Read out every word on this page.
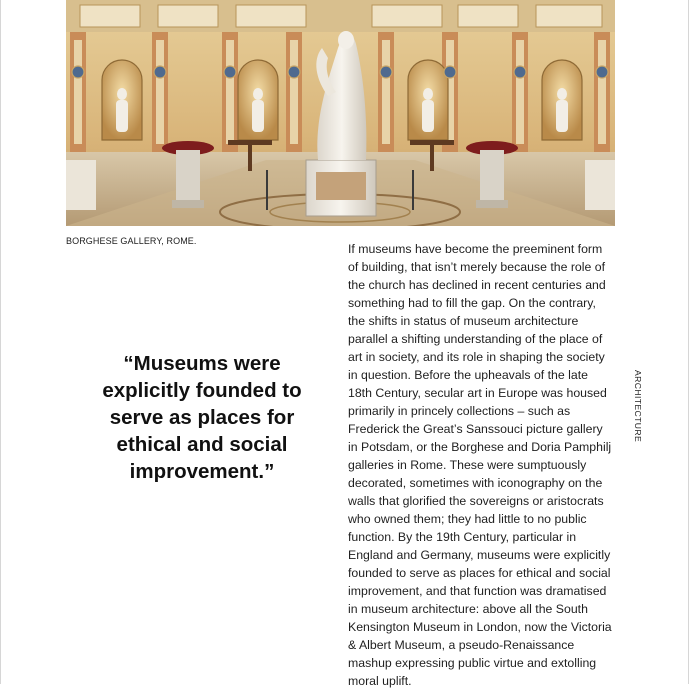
BORGHESE GALLERY, ROME.
“Museums were
explicitly founded to
serve as places for
ethical and social
improvement.”
If museums have become the preeminent form
of building, that isn’t merely because the role of
the church has declined in recent centuries and
something had to fill the gap. On the contrary,
the shifts in status of museum architecture
parallel a shifting understanding of the place of
art in society, and its role in shaping the society
in question. Before the upheavals of the late
18th Century, secular art in Europe was housed
primarily in princely collections – such as
Frederick the Great’s Sanssouci picture gallery
in Potsdam, or the Borghese and Doria Pamphilj
galleries in Rome. These were sumptuously
decorated, sometimes with iconography on the
walls that glorified the sovereigns or aristocrats
who owned them; they had little to no public
function. By the 19th Century, particular in
England and Germany, museums were explicitly
founded to serve as places for ethical and social
improvement, and that function was dramatised
in museum architecture: above all the South
Kensington Museum in London, now the Victoria
& Albert Museum, a pseudo-Renaissance
mashup expressing public virtue and extolling
moral uplift.
ARCHITECTURE
